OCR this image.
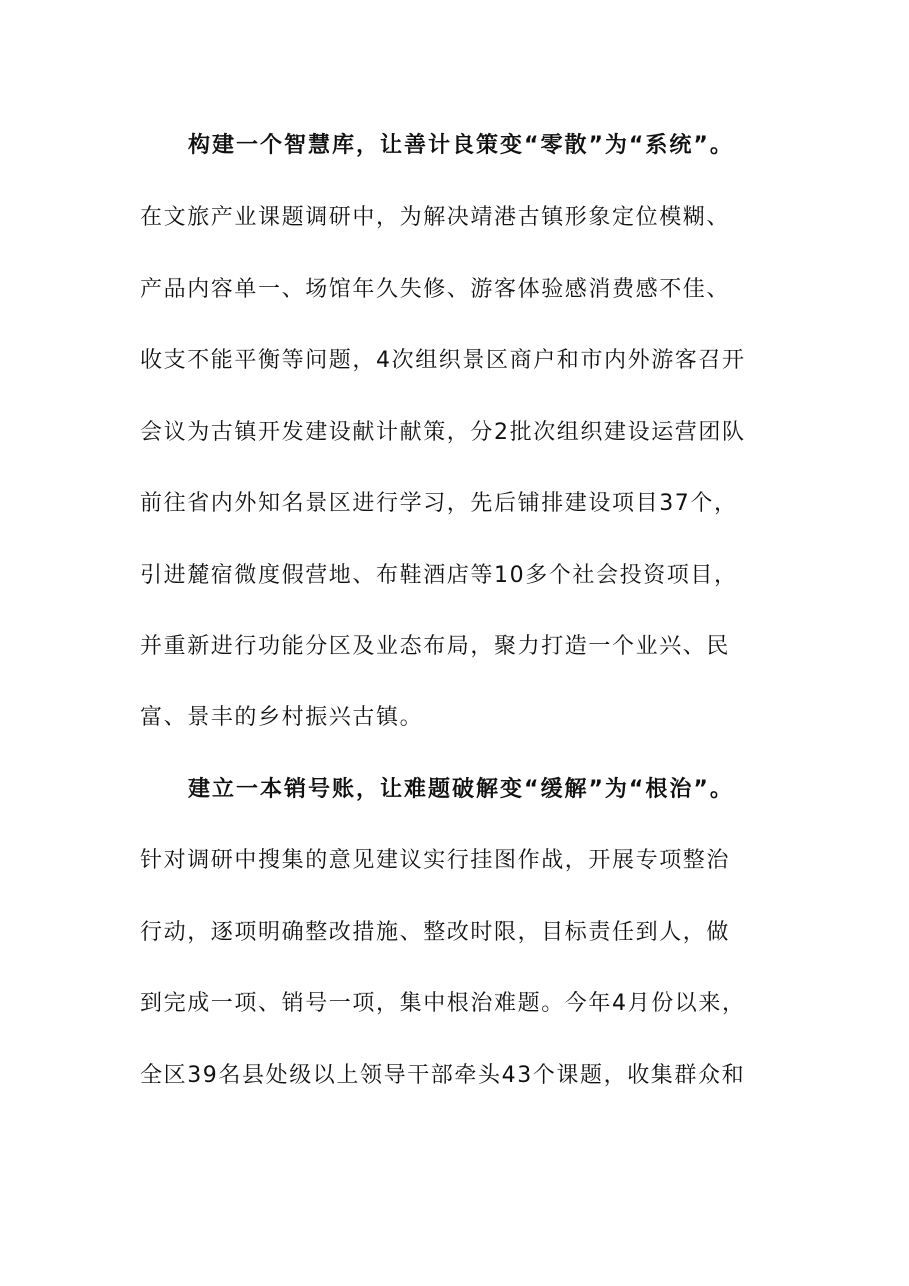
构建一个智慧库，让善计良策变“零散”为“系统”。
在文旅产业课题调研中，为解决靖港古镇形象定位模糊、
产品内容单一、场馆年久失修、游客体验感消费感不佳、
收支不能平衡等问题，4次组织景区商户和市内外游客召开
会议为古镇开发建设献计献策，分2批次组织建设运营团队
前往省内外知名景区进行学习，先后铺排建设项目37个，
引进麓宿微度假营地、布鞋酒店等10多个社会投资项目，
并重新进行功能分区及业态布局，聚力打造一个业兴、民
富、景丰的乡村振兴古镇。
建立一本销号账，让难题破解变“缓解”为“根治”。
针对调研中搜集的意见建议实行挂图作战，开展专项整治
行动，逐项明确整改措施、整改时限，目标责任到人，做
到完成一项、销号一项，集中根治难题。今年4月份以来，
全区39名县处级以上领导干部牵头43个课题，收集群众和
